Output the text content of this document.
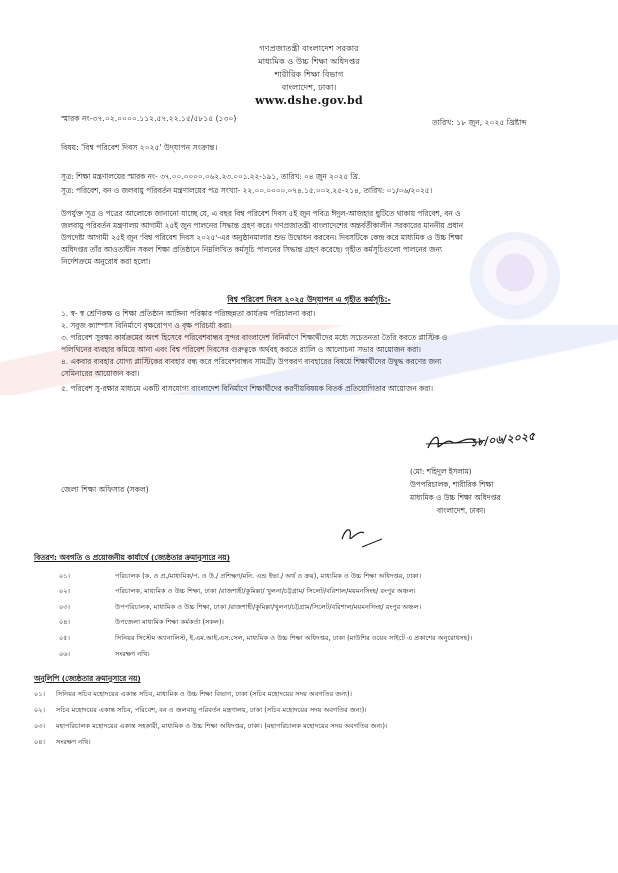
গণপ্রজাতন্ত্রী বাংলাদেশ সরকার
মাধ্যমিক ও উচ্চ শিক্ষা অধিদপ্তর
শারীরিক শিক্ষা বিভাগ
বাংলাদেশ, ঢাকা।
www.dshe.gov.bd
স্মারক নং-৩৭.০২.০০০০.১১২.৫৭.২২.১৫/৫৮১৫ (১৩০)	তারিখ: ১৮ জুন, ২০২৫ খ্রিষ্টাব্দ
বিষয়: 'বিশ্ব পরিবেশ দিবস ২০২৫' উদ্‌যাপন সংক্রান্ত।
সূত্র: শিক্ষা মন্ত্রণালয়ের স্মারক নং- ৩৭.০০.০০০০.০৬২.২৩.০০১.২২-১৯১, তারিখ: ০৪ জুন ২০২৫ খ্রি.
সূত্র: পরিবেশ, বন ও জলবায়ু পরিবর্তন মন্ত্রণালয়ের পত্র সংখ্যা- ২২.০০.০০০০.০৭৪.১৫.০০২.২৫-২১৪, তারিখ: ০১/০৬/২০২৫।
উপর্যুক্ত সূত্র ও পত্রের আলোকে জানানো যাচ্ছে যে, এ বছর বিশ্ব পরিবেশ দিবস ৫ই জুন পবিত্র ঈদুল-আজহার ছুটিতে থাকায় পরিবেশ, বন ও
জলবায়ু পরিবর্তন মন্ত্রণালয় আগামী ২৫ই জুন পালনের সিদ্ধান্ত গ্রহণ করে। গণপ্রজাতন্ত্রী বাংলাদেশের অন্তর্বর্তীকালীন সরকারের মাননীয় প্রধান
উপদেষ্টা আগামী ২৫ই জুন 'বিশ্ব পরিবেশ দিবস ২০২৫'-এর অনুষ্ঠানমালার শুভ উদ্বোধন করবেন। দিবসটিকে কেন্দ্র করে মাধ্যমিক ও উচ্চ শিক্ষা
অধিদপ্তর তাঁর আওতাধীন সকল শিক্ষা প্রতিষ্ঠানে নিম্নলিখিত কর্মসূচি পালনের সিদ্ধান্ত গ্রহণ করেছে। গৃহীত কর্মসূচিগুলো পালনের জন্য
নির্দেশক্রমে অনুরোধ করা হলো।
বিশ্ব পরিবেশ দিবস ২০২৫ উদ্‌যাপন এ গৃহীত কর্মসূচি:-
১. স্ব- স্ব শ্রেণিকক্ষ ও শিক্ষা প্রতিষ্ঠান আঙ্গিনা পরিষ্কার পরিচ্ছন্নতা কার্যক্রম পরিচালনা করা।
২. সবুজ ক্যাম্পাস বিনির্মাণে বৃক্ষরোপণ ও বৃক্ষ পরিচর্যা করা।
৩. পরিবেশ সুরক্ষা কার্যক্রমের অংশ হিসেবে পরিবেশবান্ধব সুন্দর বাংলাদেশ বিনির্মাণে শিক্ষার্থীদের মধ্যে সচেতনতা তৈরি করতে প্লাস্টিক ও
পলিথিনের ব্যবহার কমিয়ে আনা এবং বিশ্ব পরিবেশ দিবসের গুরুত্বকে অর্থবহ করতে র‍্যালি ও আলোচনা সভার আয়োজন করা।
৪. একবার ব্যবহার যোগ্য প্লাস্টিকের ব্যবহার বন্ধ করে পরিবেশবান্ধব সামগ্রী/ উপকরণ ব্যবহারের বিষয়ে শিক্ষার্থীদের উদ্বুদ্ধ করণের জন্য
সেমিনারের আয়োজন করা।
৫. পরিবেশ সু-রক্ষার মাধ্যমে একটি বাসযোগ্য বাংলাদেশ বিনির্মাণে শিক্ষার্থীদের করণীয়বিষয়ক বিতর্ক প্রতিযোগিতার আয়োজন করা।
১৮/০৬/২০২৫
(মো: শহিদুল ইসলাম)
উপপরিচালক, শারীরিক শিক্ষা
মাধ্যমিক ও উচ্চ শিক্ষা অধিদপ্তর
বাংলাদেশ, ঢাকা।
জেলা শিক্ষা অফিসার (সকল)
বিতরণ: অবগতি ও প্রয়োজনীয় কার্যার্থে (জ্যেষ্ঠতার ক্রমানুসারে নয়)
০১।	পরিচালক (ক. ও প্র./মাধ্যমিক/প. ও উ./ প্রশিক্ষণ/মনি. এন্ড ইভা./ অর্থ ও ক্রয়), মাধ্যমিক ও উচ্চ শিক্ষা অধিদপ্তর, ঢাকা।
০২।	পরিচালক, মাধ্যমিক ও উচ্চ শিক্ষা, ঢাকা /রাজশাহী/কুমিল্লা/ খুলনা/চট্টগ্রাম/ সিলেট/বরিশাল/ময়মনসিংহ/ রংপুর অঞ্চল।
০৩।	উপপরিচালক, মাধ্যমিক ও উচ্চ শিক্ষা, ঢাকা /রাজশাহী/কুমিল্লা/খুলনা/চট্টগ্রাম/সিলেট/বরিশাল/ময়মনসিংহ/ রংপুর অঞ্চল।
০৪।	উপজেলা মাধ্যমিক শিক্ষা কর্মকর্তা (সকল)।
০৫।	সিনিয়র সিস্টেম অ্যানালিস্ট, ই.এম.আই.এস.সেল, মাধ্যমিক ও উচ্চ শিক্ষা অধিদপ্তর, ঢাকা (মাউশির ওয়েব সাইটে এ প্রকাশের অনুরোধসহ)।
০৬।	সংরক্ষণ নথি।
অনুলিপি (জ্যেষ্ঠতার ক্রমানুসারে নয়)
০১। সিনিয়র সচিব মহোদয়ের একান্ত সচিব, মাধ্যমিক ও উচ্চ শিক্ষা বিভাগ, ঢাকা (সচিব মহোদয়ের সদয় অবগতির জন্য)।
০২। সচিব মহোদয়ের একান্ত সচিব, পরিবেশ, বন ও জলবায়ু পরিবর্তন মন্ত্রণালয়, ঢাকা (সচিব মহোদয়ের সদয় অবগতির জন্য)।
০৩। মহাপরিচালক মহোদয়ের একান্ত সহকারী, মাধ্যমিক ও উচ্চ শিক্ষা অধিদপ্তর, ঢাকা। (মহাপরিচালক মহোদয়ের সদয় অবগতির জন্য)।
০৪। সংরক্ষণ নথি।
